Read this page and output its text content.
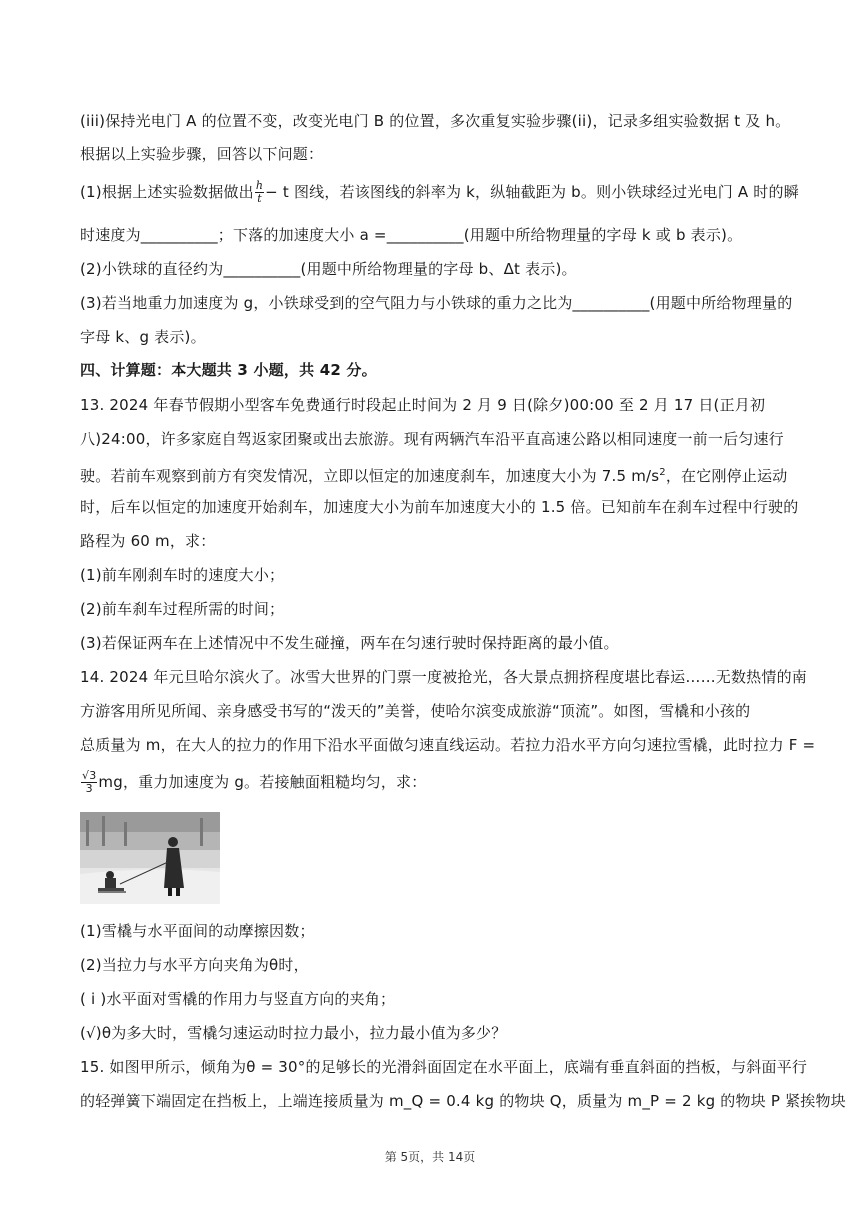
(iii)保持光电门 A 的位置不变，改变光电门 B 的位置，多次重复实验步骤(ii)，记录多组实验数据 t 及 h。
根据以上实验步骤，回答以下问题：
(1)根据上述实验数据做出 $\frac{h}{t} - t$ 图线，若该图线的斜率为 k，纵轴截距为 b。则小铁球经过光电门 A 时的瞬
时速度为__________；下落的加速度大小 a =__________(用题中所给物理量的字母 k 或 b 表示)。
(2)小铁球的直径约为__________(用题中所给物理量的字母 b、Δt 表示)。
(3)若当地重力加速度为 g，小铁球受到的空气阻力与小铁球的重力之比为__________(用题中所给物理量的
字母 k、g 表示)。
四、计算题：本大题共 3 小题，共 42 分。
13. 2024 年春节假期小型客车免费通行时段起止时间为 2 月 9 日(除夕)00:00 至 2 月 17 日(正月初
八)24:00，许多家庭自驾返家团聚或出去旅游。现有两辆汽车沿平直高速公路以相同速度一前一后匀速行
驶。若前车观察到前方有突发情况，立即以恒定的加速度刹车，加速度大小为 7.5 $m/s^2$，在它刚停止运动
时，后车以恒定的加速度开始刹车，加速度大小为前车加速度大小的 1.5 倍。已知前车在刹车过程中行驶的
路程为 60 m，求：
(1)前车刚刹车时的速度大小；
(2)前车刹车过程所需的时间；
(3)若保证两车在上述情况中不发生碰撞，两车在匀速行驶时保持距离的最小值。
14. 2024 年元旦哈尔滨火了。冰雪大世界的门票一度被抢光，各大景点拥挤程度堪比春运……无数热情的南
方游客用所见所闻、亲身感受书写的“泼天的”美誉，使哈尔滨变成旅游“顶流”。如图，雪橇和小孩的
总质量为 m，在大人的拉力的作用下沿水平面做匀速直线运动。若拉力沿水平方向匀速拉雪橇，此时拉力 F =
$\frac{√3}{3}$ mg，重力加速度为 g。若接触面粗糙均匀，求：
(1)雪橇与水平面间的动摩擦因数；
(2)当拉力与水平方向夹角为θ时，
( i )水平面对雪橇的作用力与竖直方向的夹角；
(√)θ为多大时，雪橇匀速运动时拉力最小，拉力最小值为多少？
15. 如图甲所示，倾角为θ = 30°的足够长的光滑斜面固定在水平面上，底端有垂直斜面的挡板，与斜面平行
的轻弹簧下端固定在挡板上，上端连接质量为 m_Q = 0.4 kg 的物块 Q，质量为 m_P = 2 kg 的物块 P 紧挨物块
第 5页，共 14页
